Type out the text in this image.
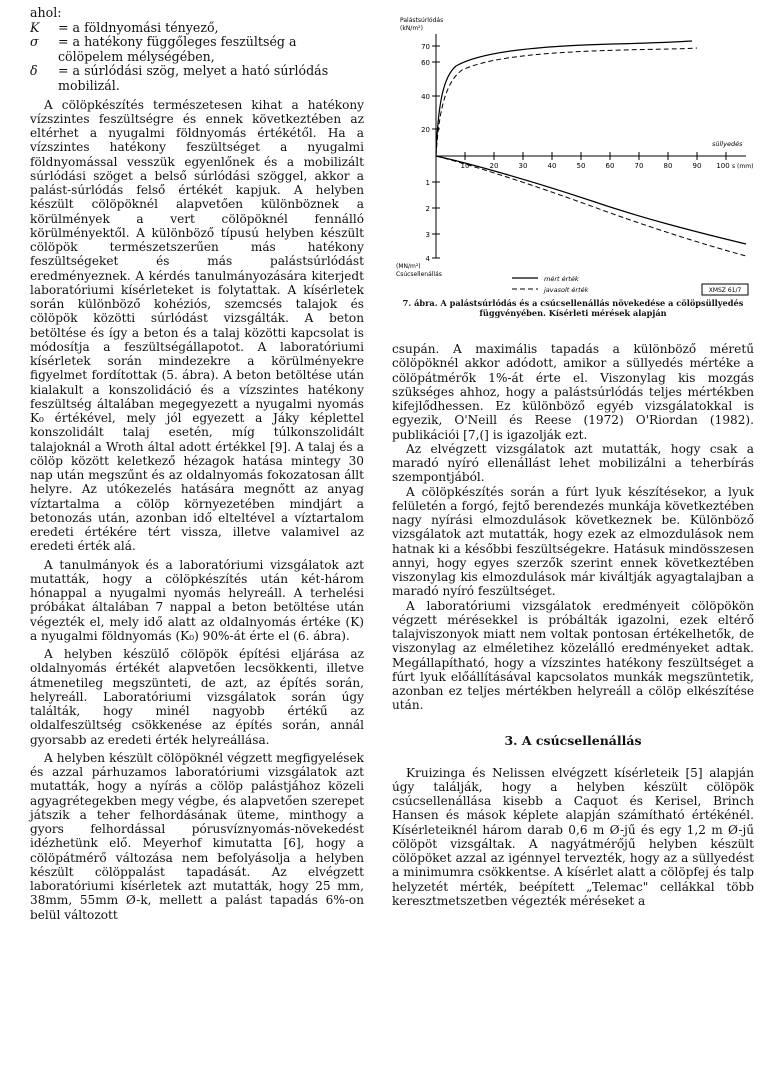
ahol:
K	= a földnyomási tényező,
σ	= a hatékony függőleges feszültség a cölöpelem mélységében,
δ	= a súrlódási szög, melyet a ható súrlódás mobilizál.

A cölöpkészítés természetesen kihat a hatékony vízszintes feszültségre és ennek következtében az eltérhet a nyugalmi földnyomás értékétől. Ha a vízszintes hatékony feszültséget a nyugalmi földnyomással vesszük egyenlőnek és a mobilizált súrlódási szöget a belső súrlódási szöggel, akkor a palást-súrlódás felső értékét kapjuk. A helyben készült cölöpöknél alapvetően különböznek a körülmények a vert cölöpöknél fennálló körülményektől. A különböző típusú helyben készült cölöpök természetszerűen más hatékony feszültségeket és más palástsúrlódást eredményeznek. A kérdés tanulmányozására kiterjedt laboratóriumi kísérleteket is folytattak. A kísérletek során különböző kohéziós, szemcsés talajok és cölöpök közötti súrlódást vizsgálták. A beton betöltése és így a beton és a talaj közötti kapcsolat is módosítja a feszültségállapotot. A laboratóriumi kísérletek során mindezekre a körülményekre figyelmet fordítottak (5. ábra). A beton betöltése után kialakult a konszolidáció és a vízszintes hatékony feszültség általában megegyezett a nyugalmi nyomás K₀ értékével, mely jól egyezett a Jáky képlettel konszolidált talaj esetén, míg túlkonszolidált talajoknál a Wroth által adott értékkel [9]. A talaj és a cölöp között keletkező hézagok hatása mintegy 30 nap után megszűnt és az oldalnyomás fokozatosan állt helyre. Az utókezelés hatására megnőtt az anyag víztartalma a cölöp környezetében mindjárt a betonozás után, azonban idő elteltével a víztartalom eredeti értékére tért vissza, illetve valamivel az eredeti érték alá.

A tanulmányok és a laboratóriumi vizsgálatok azt mutatták, hogy a cölöpkészítés után két-három hónappal a nyugalmi nyomás helyreáll. A terhelési próbákat általában 7 nappal a beton betöltése után végezték el, mely idő alatt az oldalnyomás értéke (K) a nyugalmi földnyomás (K₀) 90%-át érte el (6. ábra).

A helyben készülő cölöpök építési eljárása az oldalnyomás értékét alapvetően lecsökkenti, illetve átmenetileg megszünteti, de azt, az építés során, helyreáll. Laboratóriumi vizsgálatok során úgy találták, hogy minél nagyobb értékű az oldalfeszültség csökkenése az építés során, annál gyorsabb az eredeti érték helyreállása.

A helyben készült cölöpöknél végzett megfigyelések és azzal párhuzamos laboratóriumi vizsgálatok azt mutatták, hogy a nyírás a cölöp palástjához közeli agyagrétegekben megy végbe, és alapvetően szerepet játszik a teher felhordásának üteme, minthogy a gyors felhordással pórusvíznyomás-növekedést idézhetünk elő. Meyerhof kimutatta [6], hogy a cölöpátmérő változása nem befolyásolja a helyben készült cölöppalást tapadását. Az elvégzett laboratóriumi kísérletek azt mutatták, hogy 25 mm, 38mm, 55mm Ø-k, mellett a palást tapadás 6%-on belül változott

10	20	30	40	50	60	70	80	90 100 s (mm)
süllyedés
Palástsúrlódás
(kN/m²)
70
60
40
20
1
2
3
4
(MN/m²)
Csúcsellenállás
mért érték
javasolt érték	XMSZ 61/7
7. ábra. A palástsúrlódás és a csúcsellenállás növekedése a cölöpsüllyedés
függvényében. Kísérleti mérések alapján

csupán. A maximális tapadás a különböző méretű cölöpöknél akkor adódott, amikor a süllyedés mértéke a cölöpátmérők 1%-át érte el. Viszonylag kis mozgás szükséges ahhoz, hogy a palástsúrlódás teljes mértékben kifejlődhessen. Ez különböző egyéb vizsgálatokkal is egyezik, O'Neill és Reese (1972) O'Riordan (1982). publikációi [7,(] is igazolják ezt.

Az elvégzett vizsgálatok azt mutatták, hogy csak a maradó nyíró ellenállást lehet mobilizálni a teherbírás szempontjából.

A cölöpkészítés során a fúrt lyuk készítésekor, a lyuk felületén a forgó, fejtő berendezés munkája következtében nagy nyírási elmozdulások következnek be. Különböző vizsgálatok azt mutatták, hogy ezek az elmozdulások nem hatnak ki a későbbi feszültségekre. Hatásuk mindösszesen annyi, hogy egyes szerzők szerint ennek következtében viszonylag kis elmozdulások már kiváltják agyagtalajban a maradó nyíró feszültséget.

A laboratóriumi vizsgálatok eredményeit cölöpökön végzett mérésekkel is próbálták igazolni, ezek eltérő talajviszonyok miatt nem voltak pontosan értékelhetők, de viszonylag az elméletihez közelálló eredményeket adtak. Megállapítható, hogy a vízszintes hatékony feszültséget a fúrt lyuk előállításával kapcsolatos munkák megszüntetik, azonban ez teljes mértékben helyreáll a cölöp elkészítése után.

3. A csúcsellenállás

Kruizinga és Nelissen elvégzett kísérleteik [5] alapján úgy találják, hogy a helyben készült cölöpök csúcsellenállása kisebb a Caquot és Kerisel, Brinch Hansen és mások képlete alapján számítható értékénél. Kísérleteiknél három darab 0,6 m Ø-jű és egy 1,2 m Ø-jű cölöpöt vizsgáltak. A nagyátmérőjű helyben készült cölöpöket azzal az igénnyel tervezték, hogy az a süllyedést a minimumra csökkentse. A kísérlet alatt a cölöpfej és talp helyzetét mérték, beépített „Telemac" cellákkal több keresztmetszetben végezték méréseket a
